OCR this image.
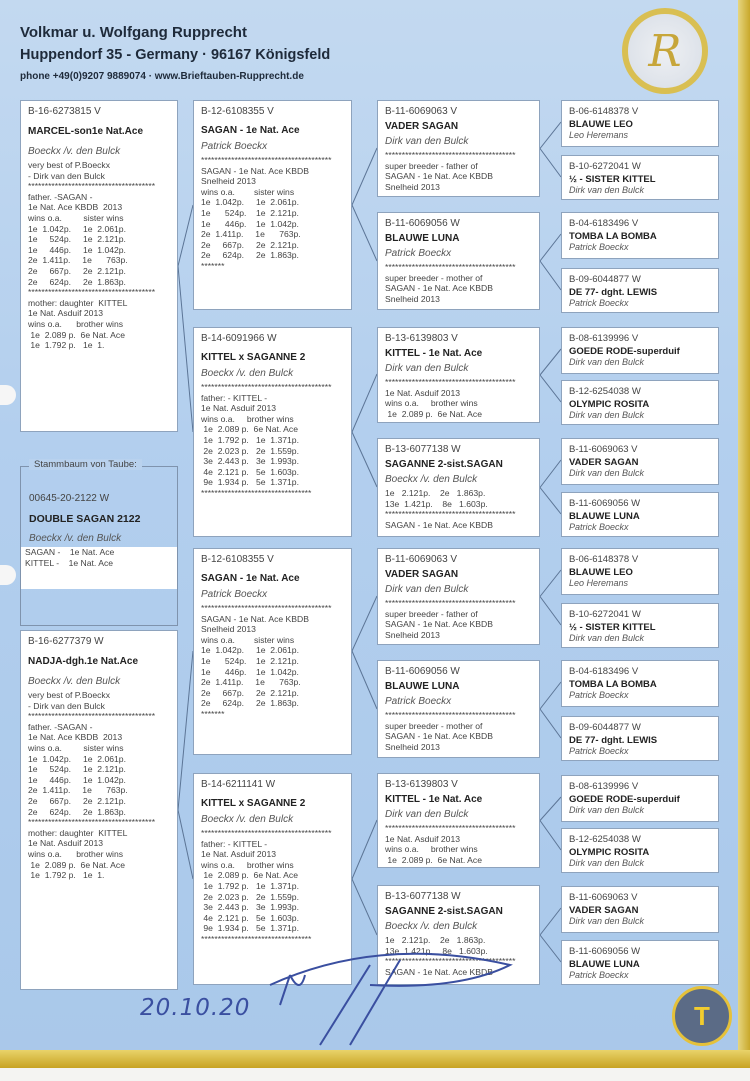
Volkmar u. Wolfgang Rupprecht
Huppendorf 35 - Germany · 96167 Königsfeld
phone +49(0)9207 9889074 · www.Brieftauben-Rupprecht.de	R
Stammbaum von Taube:
00645-20-2122 W
DOUBLE SAGAN 2122
Boeckx /v. den Bulck
SAGAN -    1e Nat. Ace
KITTEL -    1e Nat. Ace
B-16-6273815 V
MARCEL-son1e Nat.Ace
Boeckx /v. den Bulck
very best of P.Boeckx
- Dirk van den Bulck
**************************************
father. -SAGAN -
1e Nat. Ace KBDB  2013
wins o.a.         sister wins
1e  1.042p.     1e  2.061p.
1e     524p.     1e  2.121p.
1e     446p.     1e  1.042p.
2e  1.411p.     1e      763p.
2e     667p.     2e  2.121p.
2e     624p.     2e  1.863p.
**************************************
mother: daughter  KITTEL
1e Nat. Asduif 2013
wins o.a.      brother wins
1e  2.089 p.  6e Nat. Ace
1e  1.792 p.   1e  1.
B-16-6277379 W
NADJA-dgh.1e Nat.Ace
Boeckx /v. den Bulck
very best of P.Boeckx
- Dirk van den Bulck
**************************************
father. -SAGAN -
1e Nat. Ace KBDB  2013
wins o.a.         sister wins
1e  1.042p.     1e  2.061p.
1e     524p.     1e  2.121p.
1e     446p.     1e  1.042p.
2e  1.411p.     1e      763p.
2e     667p.     2e  2.121p.
2e     624p.     2e  1.863p.
**************************************
mother: daughter  KITTEL
1e Nat. Asduif 2013
wins o.a.      brother wins
1e  2.089 p.  6e Nat. Ace
1e  1.792 p.   1e  1.
B-12-6108355 V
SAGAN - 1e Nat. Ace
Patrick Boeckx
***************************************
SAGAN - 1e Nat. Ace KBDB
Snelheid 2013
wins o.a.        sister wins
1e  1.042p.     1e  2.061p.
1e      524p.    1e  2.121p.
1e      446p.    1e  1.042p.
2e  1.411p.     1e      763p.
2e     667p.     2e  2.121p.
2e     624p.     2e  1.863p.
*******
B-14-6091966 W
KITTEL x SAGANNE 2
Boeckx /v. den Bulck
***************************************
father: - KITTEL -
1e Nat. Asduif 2013
wins o.a.     brother wins
1e  2.089 p.  6e Nat. Ace
1e  1.792 p.   1e  1.371p.
2e  2.023 p.   2e  1.559p.
3e  2.443 p.   3e  1.993p.
4e  2.121 p.   5e  1.603p.
9e  1.934 p.   5e  1.371p.
*********************************
B-12-6108355 V
SAGAN - 1e Nat. Ace
Patrick Boeckx
***************************************
SAGAN - 1e Nat. Ace KBDB
Snelheid 2013
wins o.a.        sister wins
1e  1.042p.     1e  2.061p.
1e      524p.    1e  2.121p.
1e      446p.    1e  1.042p.
2e  1.411p.     1e      763p.
2e     667p.     2e  2.121p.
2e     624p.     2e  1.863p.
*******
B-14-6211141 W
KITTEL x SAGANNE 2
Boeckx /v. den Bulck
***************************************
father: - KITTEL -
1e Nat. Asduif 2013
wins o.a.     brother wins
1e  2.089 p.  6e Nat. Ace
1e  1.792 p.   1e  1.371p.
2e  2.023 p.   2e  1.559p.
3e  2.443 p.   3e  1.993p.
4e  2.121 p.   5e  1.603p.
9e  1.934 p.   5e  1.371p.
*********************************
B-11-6069063 V
VADER SAGAN
Dirk van den Bulck
***************************************
super breeder - father of
SAGAN - 1e Nat. Ace KBDB
Snelheid 2013
B-11-6069056 W
BLAUWE LUNA
Patrick Boeckx
***************************************
super breeder - mother of
SAGAN - 1e Nat. Ace KBDB
Snelheid 2013
B-13-6139803 V
KITTEL - 1e Nat. Ace
Dirk van den Bulck
***************************************
1e Nat. Asduif 2013
wins o.a.     brother wins
1e  2.089 p.  6e Nat. Ace
B-13-6077138 W
SAGANNE 2-sist.SAGAN
Boeckx /v. den Bulck
1e   2.121p.    2e   1.863p.
13e  1.421p.    8e   1.603p.
***************************************
SAGAN - 1e Nat. Ace KBDB
B-11-6069063 V
VADER SAGAN
Dirk van den Bulck
***************************************
super breeder - father of
SAGAN - 1e Nat. Ace KBDB
Snelheid 2013
B-11-6069056 W
BLAUWE LUNA
Patrick Boeckx
***************************************
super breeder - mother of
SAGAN - 1e Nat. Ace KBDB
Snelheid 2013
B-13-6139803 V
KITTEL - 1e Nat. Ace
Dirk van den Bulck
***************************************
1e Nat. Asduif 2013
wins o.a.     brother wins
1e  2.089 p.  6e Nat. Ace
B-13-6077138 W
SAGANNE 2-sist.SAGAN
Boeckx /v. den Bulck
1e   2.121p.    2e   1.863p.
13e  1.421p.    8e   1.603p.
***************************************
SAGAN - 1e Nat. Ace KBDB
B-06-6148378 V
BLAUWE LEO
Leo Heremans
B-10-6272041 W
½ - SISTER KITTEL
Dirk van den Bulck
B-04-6183496 V
TOMBA LA BOMBA
Patrick Boeckx
B-09-6044877 W
DE 77- dght. LEWIS
Patrick Boeckx
B-08-6139996 V
GOEDE RODE-superduif
Dirk van den Bulck
B-12-6254038 W
OLYMPIC ROSITA
Dirk van den Bulck
B-11-6069063 V
VADER SAGAN
Dirk van den Bulck
B-11-6069056 W
BLAUWE LUNA
Patrick Boeckx
B-06-6148378 V
BLAUWE LEO
Leo Heremans
B-10-6272041 W
½ - SISTER KITTEL
Dirk van den Bulck
B-04-6183496 V
TOMBA LA BOMBA
Patrick Boeckx
B-09-6044877 W
DE 77- dght. LEWIS
Patrick Boeckx
B-08-6139996 V
GOEDE RODE-superduif
Dirk van den Bulck
B-12-6254038 W
OLYMPIC ROSITA
Dirk van den Bulck
B-11-6069063 V
VADER SAGAN
Dirk van den Bulck
B-11-6069056 W
BLAUWE LUNA
Patrick Boeckx
20.10.20	T
